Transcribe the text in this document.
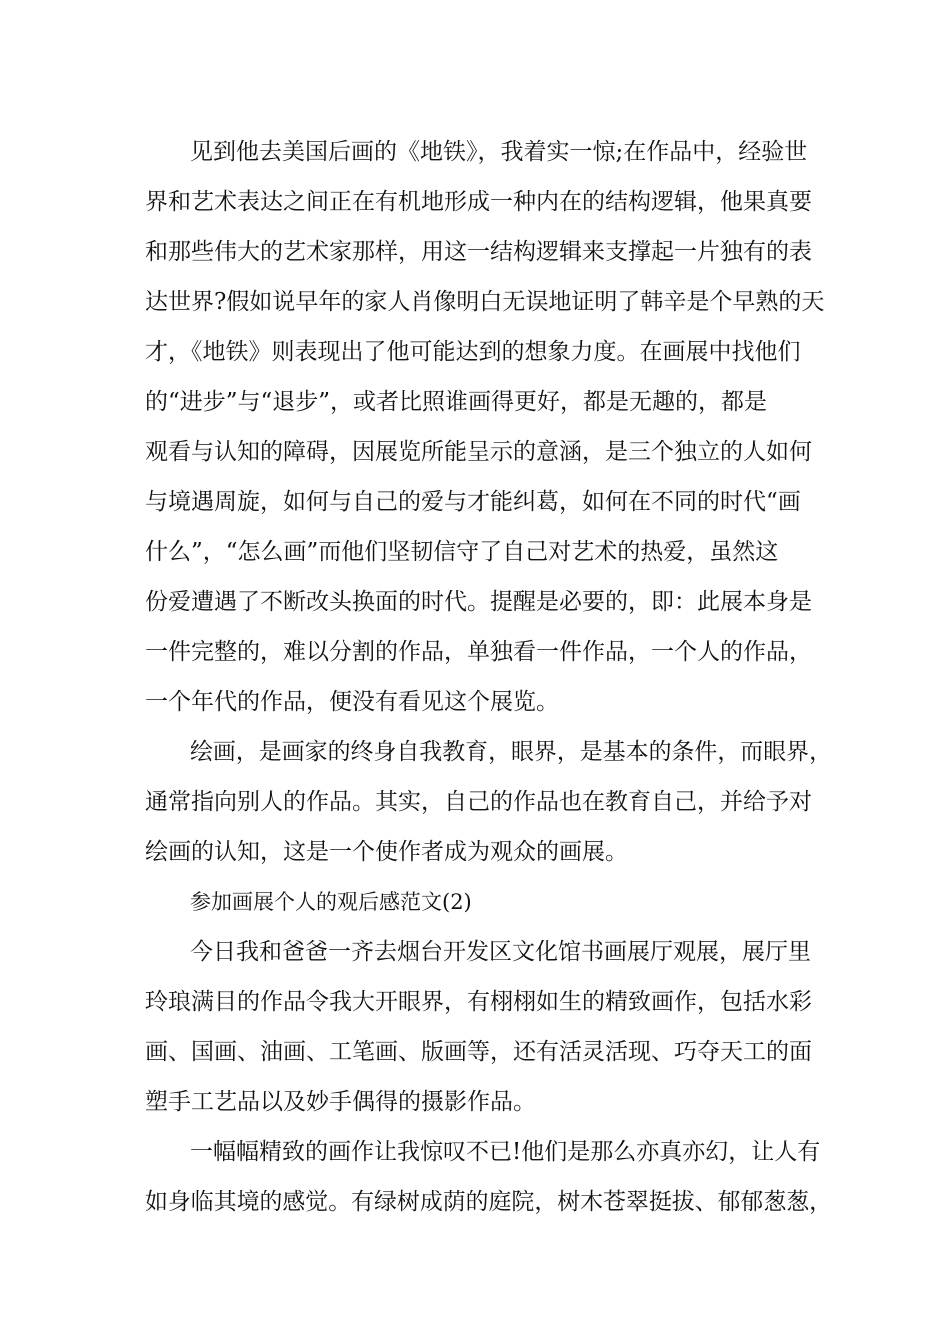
见到他去美国后画的《地铁》，我着实一惊;在作品中，经验世
界和艺术表达之间正在有机地形成一种内在的结构逻辑，他果真要
和那些伟大的艺术家那样，用这一结构逻辑来支撑起一片独有的表
达世界?假如说早年的家人肖像明白无误地证明了韩辛是个早熟的天
才，《地铁》则表现出了他可能达到的想象力度。在画展中找他们
的“进步”与“退步”，或者比照谁画得更好，都是无趣的，都是
观看与认知的障碍，因展览所能呈示的意涵，是三个独立的人如何
与境遇周旋，如何与自己的爱与才能纠葛，如何在不同的时代“画
什么”，“怎么画”而他们坚韧信守了自己对艺术的热爱，虽然这
份爱遭遇了不断改头换面的时代。提醒是必要的，即：此展本身是
一件完整的，难以分割的作品，单独看一件作品，一个人的作品，
一个年代的作品，便没有看见这个展览。
绘画，是画家的终身自我教育，眼界，是基本的条件，而眼界，
通常指向别人的作品。其实，自己的作品也在教育自己，并给予对
绘画的认知，这是一个使作者成为观众的画展。
参加画展个人的观后感范文(2)
今日我和爸爸一齐去烟台开发区文化馆书画展厅观展，展厅里
玲琅满目的作品令我大开眼界，有栩栩如生的精致画作，包括水彩
画、国画、油画、工笔画、版画等，还有活灵活现、巧夺天工的面
塑手工艺品以及妙手偶得的摄影作品。
一幅幅精致的画作让我惊叹不已!他们是那么亦真亦幻，让人有
如身临其境的感觉。有绿树成荫的庭院，树木苍翠挺拔、郁郁葱葱，
